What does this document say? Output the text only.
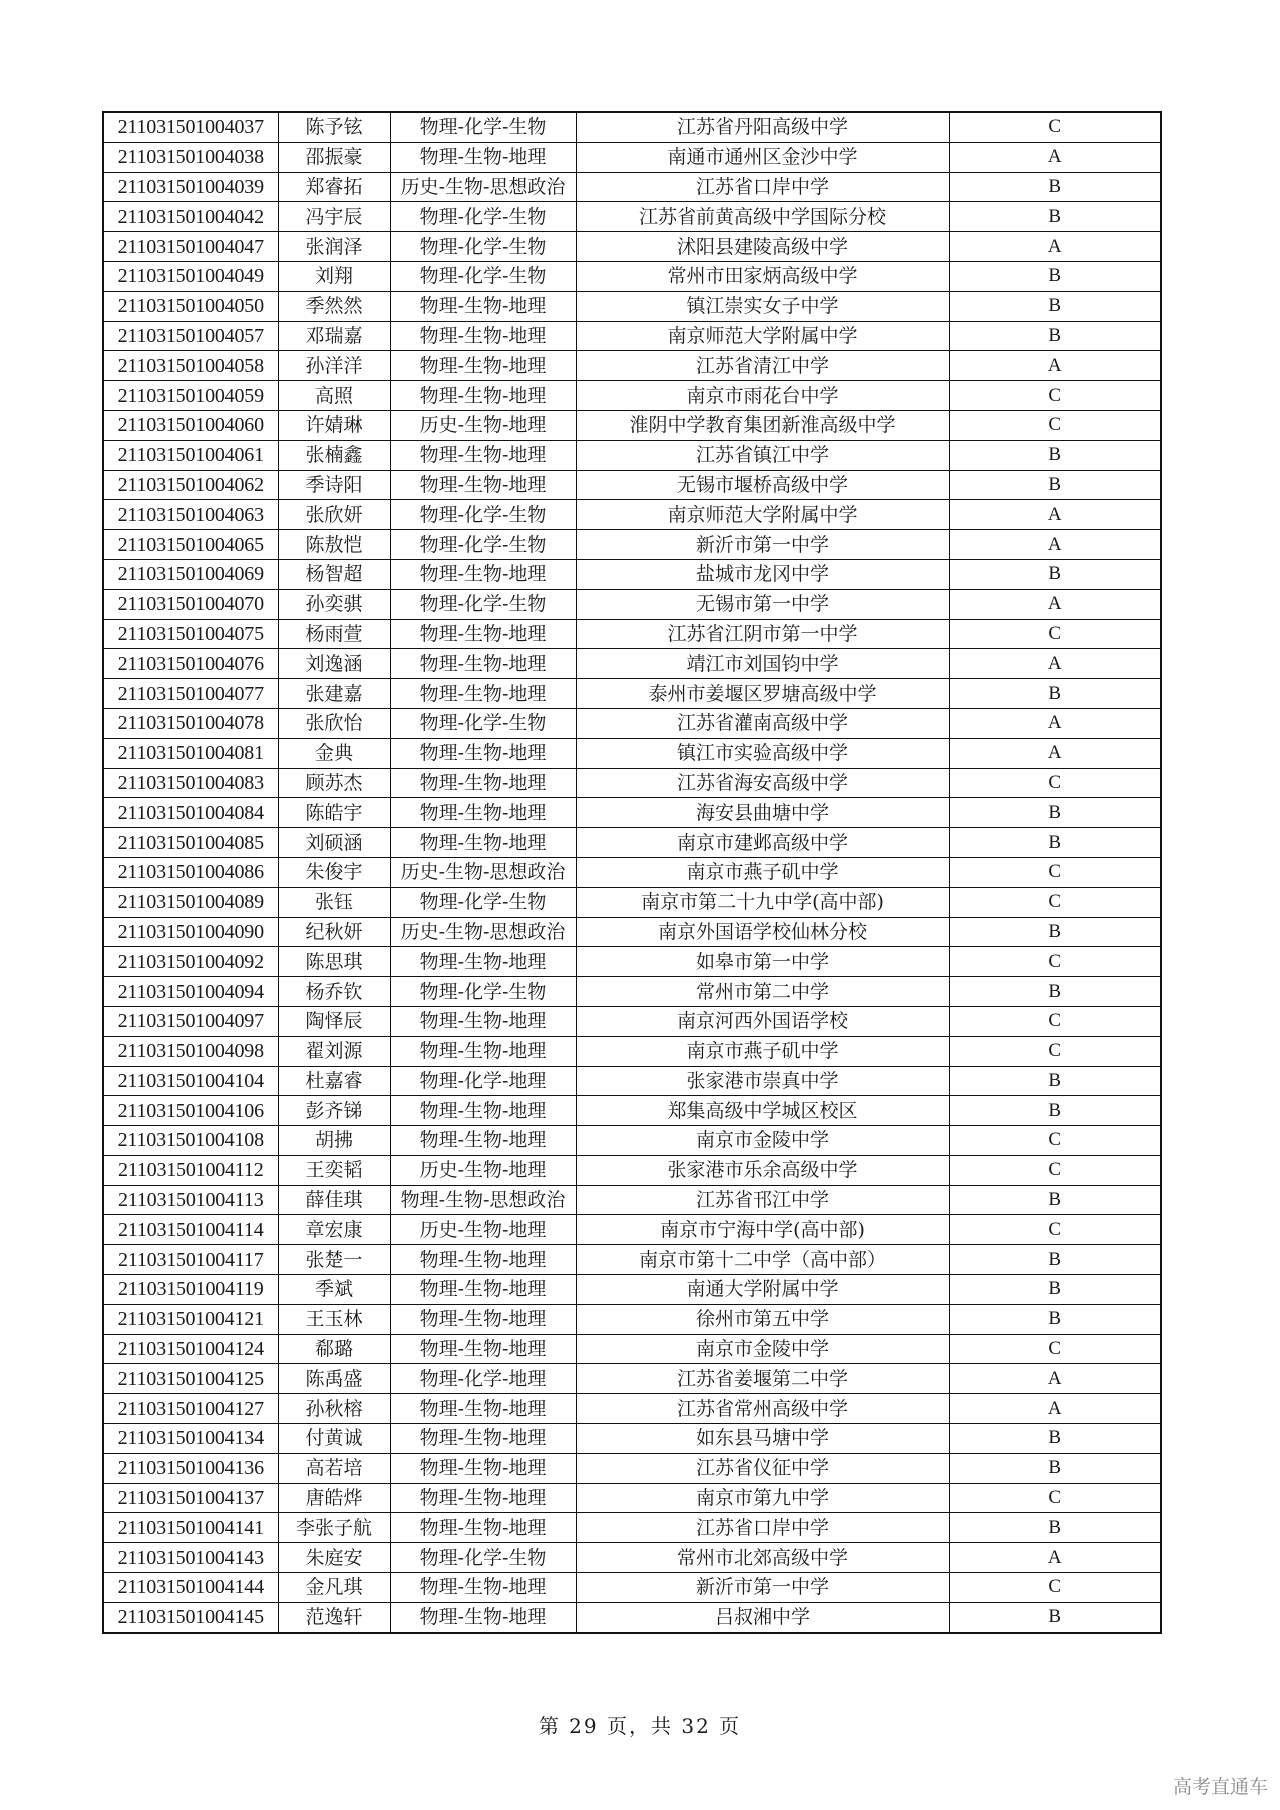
211031501004037	陈予铉	物理-化学-生物	江苏省丹阳高级中学	C
211031501004038	邵振豪	物理-生物-地理	南通市通州区金沙中学	A
211031501004039	郑睿拓	历史-生物-思想政治	江苏省口岸中学	B
211031501004042	冯宇辰	物理-化学-生物	江苏省前黄高级中学国际分校	B
211031501004047	张润泽	物理-化学-生物	沭阳县建陵高级中学	A
211031501004049	刘翔	物理-化学-生物	常州市田家炳高级中学	B
211031501004050	季然然	物理-生物-地理	镇江崇实女子中学	B
211031501004057	邓瑞嘉	物理-生物-地理	南京师范大学附属中学	B
211031501004058	孙洋洋	物理-生物-地理	江苏省清江中学	A
211031501004059	高照	物理-生物-地理	南京市雨花台中学	C
211031501004060	许婧琳	历史-生物-地理	淮阴中学教育集团新淮高级中学	C
211031501004061	张楠鑫	物理-生物-地理	江苏省镇江中学	B
211031501004062	季诗阳	物理-生物-地理	无锡市堰桥高级中学	B
211031501004063	张欣妍	物理-化学-生物	南京师范大学附属中学	A
211031501004065	陈敖恺	物理-化学-生物	新沂市第一中学	A
211031501004069	杨智超	物理-生物-地理	盐城市龙冈中学	B
211031501004070	孙奕骐	物理-化学-生物	无锡市第一中学	A
211031501004075	杨雨萱	物理-生物-地理	江苏省江阴市第一中学	C
211031501004076	刘逸涵	物理-生物-地理	靖江市刘国钧中学	A
211031501004077	张建嘉	物理-生物-地理	泰州市姜堰区罗塘高级中学	B
211031501004078	张欣怡	物理-化学-生物	江苏省灌南高级中学	A
211031501004081	金典	物理-生物-地理	镇江市实验高级中学	A
211031501004083	顾苏杰	物理-生物-地理	江苏省海安高级中学	C
211031501004084	陈皓宇	物理-生物-地理	海安县曲塘中学	B
211031501004085	刘硕涵	物理-生物-地理	南京市建邺高级中学	B
211031501004086	朱俊宇	历史-生物-思想政治	南京市燕子矶中学	C
211031501004089	张钰	物理-化学-生物	南京市第二十九中学(高中部)	C
211031501004090	纪秋妍	历史-生物-思想政治	南京外国语学校仙林分校	B
211031501004092	陈思琪	物理-生物-地理	如皋市第一中学	C
211031501004094	杨乔钦	物理-化学-生物	常州市第二中学	B
211031501004097	陶怿辰	物理-生物-地理	南京河西外国语学校	C
211031501004098	翟刘源	物理-生物-地理	南京市燕子矶中学	C
211031501004104	杜嘉睿	物理-化学-地理	张家港市崇真中学	B
211031501004106	彭齐锑	物理-生物-地理	郑集高级中学城区校区	B
211031501004108	胡拂	物理-生物-地理	南京市金陵中学	C
211031501004112	王奕韬	历史-生物-地理	张家港市乐余高级中学	C
211031501004113	薛佳琪	物理-生物-思想政治	江苏省邗江中学	B
211031501004114	章宏康	历史-生物-地理	南京市宁海中学(高中部)	C
211031501004117	张楚一	物理-生物-地理	南京市第十二中学（高中部）	B
211031501004119	季斌	物理-生物-地理	南通大学附属中学	B
211031501004121	王玉林	物理-生物-地理	徐州市第五中学	B
211031501004124	郗璐	物理-生物-地理	南京市金陵中学	C
211031501004125	陈禹盛	物理-化学-地理	江苏省姜堰第二中学	A
211031501004127	孙秋榕	物理-生物-地理	江苏省常州高级中学	A
211031501004134	付黄诚	物理-生物-地理	如东县马塘中学	B
211031501004136	高若培	物理-生物-地理	江苏省仪征中学	B
211031501004137	唐皓烨	物理-生物-地理	南京市第九中学	C
211031501004141	李张子航	物理-生物-地理	江苏省口岸中学	B
211031501004143	朱庭安	物理-化学-生物	常州市北郊高级中学	A
211031501004144	金凡琪	物理-生物-地理	新沂市第一中学	C
211031501004145	范逸轩	物理-生物-地理	吕叔湘中学	B
第 29 页，共 32 页
高考直通车
